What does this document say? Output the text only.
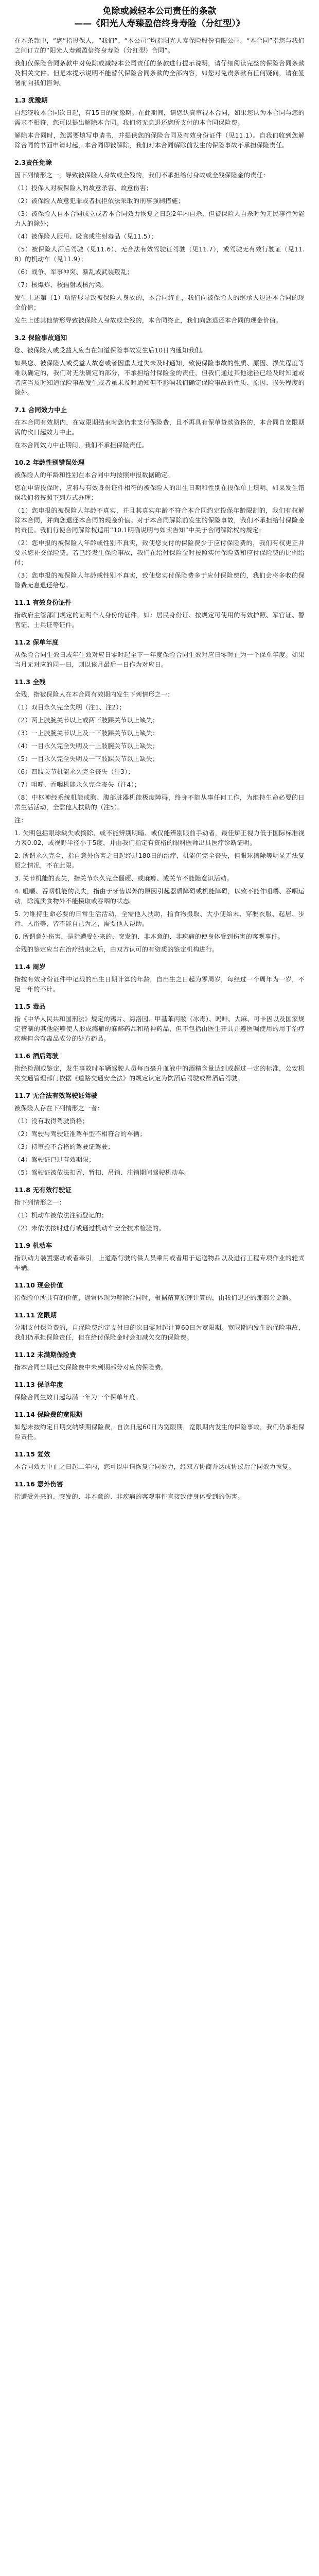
免除或减轻本公司责任的条款
——《阳光人寿臻盈倍终身寿险（分红型）》
在本条款中，“您”指投保人，“我们”、“本公司”均指阳光人寿保险股份有限公司。“本合同”指您与我们之间订立的“阳光人寿臻盈倍终身寿险（分红型）合同”。
我们仅保险合同条款中对免除或减轻本公司责任的条款进行提示说明，请仔细阅读完整的保险合同条款及相关文件。但是本提示说明不能替代保险合同条款的全部内容，如您对免责条款有任何疑问，请在签署前向我们咨询。
1.3 犹豫期
自您签收本合同次日起，有15日的犹豫期。在此期间，请您认真审视本合同，如果您认为本合同与您的需求不相符，您可以提出解除本合同。我们将无息退还您所支付的本合同保险费。
解除本合同时，您需要填写申请书，并提供您的保险合同及有效身份证件（见11.1）。自我们收到您解除合同的书面申请时起，本合同即被解除，我们对本合同解除前发生的保险事故不承担保险责任。
2.3责任免除
因下列情形之一，导致被保险人身故或全残的，我们不承担给付身故或全残保险金的责任：
（1）投保人对被保险人的故意杀害、故意伤害；
（2）被保险人故意犯罪或者抗拒依法采取的刑事强制措施；
（3）被保险人自本合同成立或者本合同效力恢复之日起2年内自杀，但被保险人自杀时为无民事行为能力人的除外；
（4）被保险人服用、吸食或注射毒品（见11.5）；
（5）被保险人酒后驾驶（见11.6）、无合法有效驾驶证驾驶（见11.7），或驾驶无有效行驶证（见11.8）的机动车（见11.9）；
（6）战争、军事冲突、暴乱或武装叛乱；
（7）核爆炸、核辐射或核污染。
发生上述第（1）项情形导致被保险人身故的，本合同终止，我们向被保险人的继承人退还本合同的现金价值；
发生上述其他情形导致被保险人身故或全残的，本合同终止，我们向您退还本合同的现金价值。
3.2 保险事故通知
您、被保险人或受益人应当在知道保险事故发生后10日内通知我们。
如果您、被保险人或受益人故意或者因重大过失未及时通知，致使保险事故的性质、原因、损失程度等难以确定的，我们对无法确定的部分，不承担给付保险金的责任，但我们通过其他途径已经及时知道或者应当及时知道保险事故发生或者虽未及时通知但不影响我们确定保险事故的性质、原因、损失程度的除外。
7.1 合同效力中止
在本合同有效期内，在宽限期结束时您仍未支付保险费，且不再具有保单贷款资格的，本合同自宽限期满的次日起效力中止。
在本合同效力中止期间，我们不承担保险责任。
10.2 年龄性别错误处理
被保险人的年龄和性别在本合同中均按照申报数据确定。
您在申请投保时，应将与有效身份证件相符的被保险人的出生日期和性别在投保单上填明，如果发生错误我们将按照下列方式办理：
（1）您申报的被保险人年龄不真实，并且其真实年龄不符合本合同约定投保年龄限制的，我们有权解除本合同，并向您退还本合同的现金价值。对于本合同解除前发生的保险事故，我们不承担给付保险金的责任。我们行使合同解除权适用“10.1明确说明与如实告知”中关于合同解除权的规定；
（2）您申报的被保险人年龄或性别不真实，致使您支付的保险费少于应付保险费的，我们有权更正并要求您补交保险费。若已经发生保险事故，我们在给付保险金时按照实付保险费和应付保险费的比例给付；
（3）您申报的被保险人年龄或性别不真实，致使您实付保险费多于应付保险费的，我们会将多收的保险费无息退还给您。
11.1 有效身份证件
指政府主管部门规定的证明个人身份的证件，如：居民身份证、按规定可使用的有效护照、军官证、警官证、士兵证等证件。
11.2 保单年度
从保险合同生效日或年生效对应日零时起至下一年度保险合同生效对应日零时止为一个保单年度。如果当月无对应的同一日，则以该月最后一日作为对应日。
11.3 全残
全残，指被保险人在本合同有效期内发生下列情形之一：
（1）双目永久完全失明（注1、注2）；
（2）两上肢腕关节以上或两下肢踝关节以上缺失；
（3）一上肢腕关节以上及一下肢踝关节以上缺失；
（4）一目永久完全失明及一上肢腕关节以上缺失；
（5）一目永久完全失明及一下肢踝关节以上缺失；
（6）四肢关节机能永久完全丧失（注3）；
（7）咀嚼、吞咽机能永久完全丧失（注4）；
（8）中枢神经系统机能或胸、腹部脏器机能极度障碍，终身不能从事任何工作，为维持生命必要的日常生活活动，全需他人扶助的（注5）。
注：
1. 失明包括眼球缺失或摘除、或不能辨别明暗、或仅能辨别眼前手动者，最佳矫正视力低于国际标准视力表0.02，或视野半径小于5度，并由我们指定有资格的眼科医师出具医疗诊断证明。
2. 所谓永久完全，指自意外伤害之日起经过180日的治疗，机能仍完全丧失，但眼球摘除等明显无法复原之情况，不在此限。
3. 关节机能的丧失，指关节永久完全僵硬、或麻痹、或关节不能随意识活动。
4. 咀嚼、吞咽机能的丧失，指由于牙齿以外的原因引起器质障碍或机能障碍，以致不能作咀嚼、吞咽运动，除流质食物外不能摄取或吞咽的状态。
5. 为维持生命必要的日常生活活动，全需他人扶助，指食物摄取、大小便始末、穿脱衣服、起居、步行、入浴等，皆不能自己为之，需要他人帮助。
6. 所谓意外伤害，是指遭受外来的、突发的、非本意的、非疾病的使身体受到伤害的客观事件。
全残的鉴定应当在治疗结束之后，由双方认可的有资质的鉴定机构进行。
11.4 周岁
指按有效身份证件中记载的出生日期计算的年龄，自出生之日起为零周岁，每经过一个周年为一岁，不足一年的不计。
11.5 毒品
指《中华人民共和国刑法》规定的鸦片、海洛因、甲基苯丙胺（冰毒）、吗啡、大麻、可卡因以及国家规定管制的其他能够使人形成瘾癖的麻醉药品和精神药品，但不包括由医生开具并遵医嘱使用的用于治疗疾病但含有毒品成分的处方药品。
11.6 酒后驾驶
指经检测或鉴定，发生事故时车辆驾驶人员每百毫升血液中的酒精含量达到或超过一定的标准，公安机关交通管理部门依据《道路交通安全法》的规定认定为饮酒后驾驶或醉酒后驾驶。
11.7 无合法有效驾驶证驾驶
被保险人存在下列情形之一者：
（1）没有取得驾驶资格；
（2）驾驶与驾驶证准驾车型不相符合的车辆；
（3）持审验不合格的驾驶证驾驶；
（4）驾驶证已过有效期限；
（5）驾驶证被依法扣留、暂扣、吊销、注销期间驾驶机动车。
11.8 无有效行驶证
指下列情形之一：
（1）机动车被依法注销登记的；
（2）未依法按时进行或通过机动车安全技术检验的。
11.9 机动车
指以动力装置驱动或者牵引，上道路行驶的供人员乘用或者用于运送物品以及进行工程专项作业的轮式车辆。
11.10 现金价值
指保险单所具有的价值，通常体现为解除合同时，根据精算原理计算的，由我们退还的那部分金额。
11.11 宽限期
分期支付保险费的，自保险费约定支付日的次日零时起计算60日为宽限期。宽限期内发生的保险事故，我们仍承担保险责任，但在给付保险金时会扣减欠交的保险费。
11.12 未满期保险费
指本合同当期已交保险费中未到期部分对应的保险费。
11.13 保单年度
保险合同生效日起每满一年为一个保单年度。
11.14 保险费的宽限期
如您未按约定日期交纳续期保险费，自次日起60日为宽限期，宽限期内发生的保险事故，我们仍承担保险责任。
11.15 复效
本合同效力中止之日起二年内，您可以申请恢复合同效力，经双方协商并达成协议后合同效力恢复。
11.16 意外伤害
指遭受外来的、突发的、非本意的、非疾病的客观事件直接致使身体受到的伤害。
